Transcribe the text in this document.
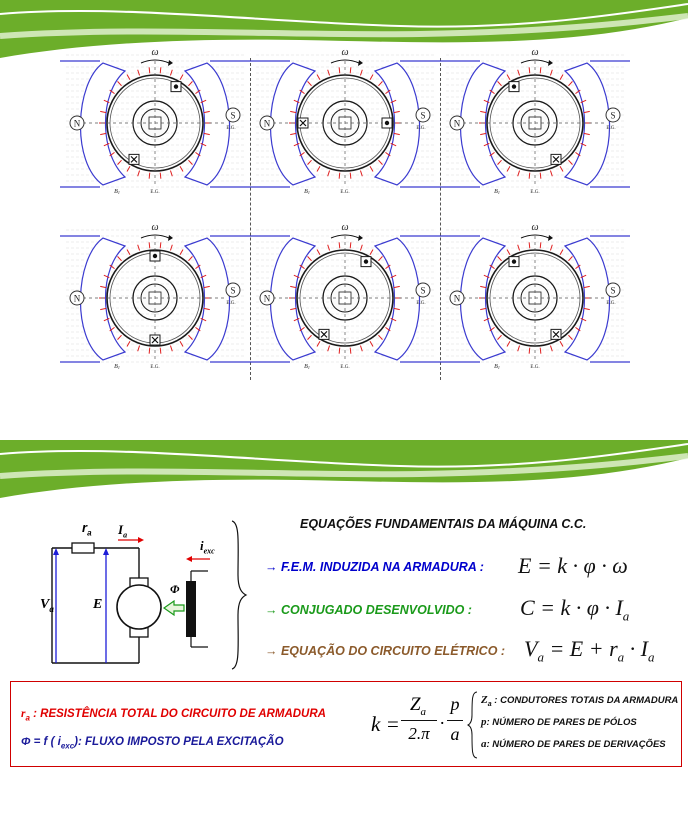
N
S
ω
E.G.
E.G.
B1
N
S
ω
E.G.
E.G.
B1
N
S
ω
E.G.
E.G.
B1
N
S
ω
E.G.
E.G.
B1
N
S
ω
E.G.
E.G.
B1
N
S
ω
E.G.
E.G.
B1
EQUAÇÕES FUNDAMENTAIS DA MÁQUINA C.C.
$r_a$ $I_a$
$i_{exc}$
$V_a$	E
Φ
→ F.E.M. INDUZIDA NA ARMADURA : E = k · φ · ω
→ CONJUGADO DESENVOLVIDO : $C = k \cdot \varphi \cdot I_a$
→ EQUAÇÃO DO CIRCUITO ELÉTRICO : $V_a = E + r_a \cdot I_a$
$r_a$ : RESISTÊNCIA TOTAL DO CIRCUITO DE ARMADURA
Φ = f ( $i_{exc}$): FLUXO IMPOSTO PELA EXCITAÇÃO
k =
$Z_a$
2.π
.
p
a
$Z_a$ : CONDUTORES TOTAIS DA ARMADURA
p: NÚMERO DE PARES DE PÓLOS
a: NÚMERO DE PARES DE DERIVAÇÕES
